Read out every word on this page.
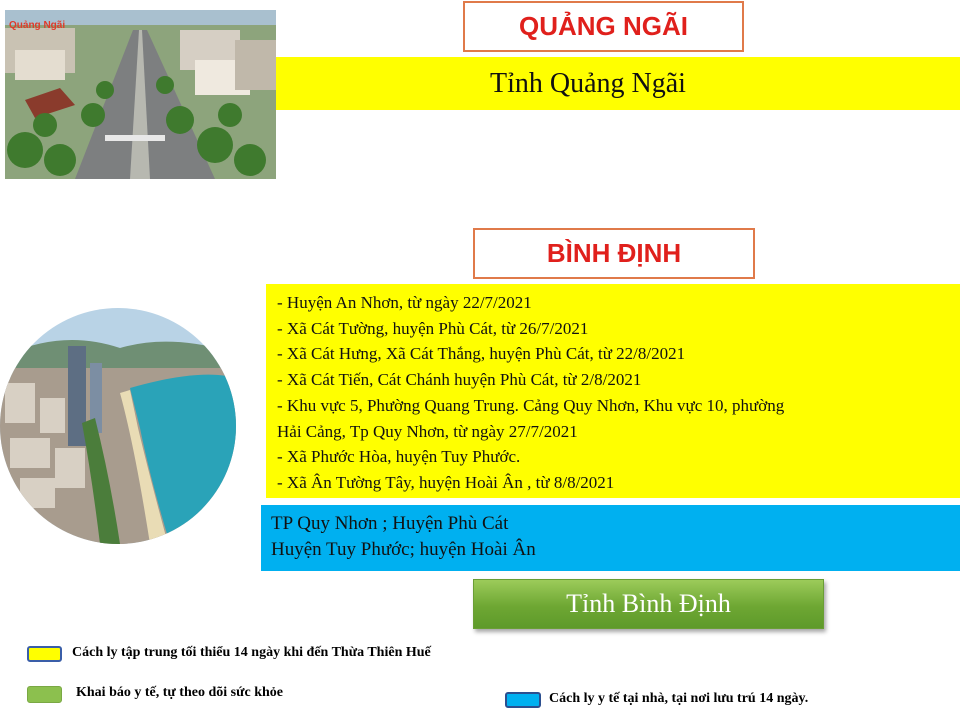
Quảng Ngãi	QUẢNG NGÃI
Tỉnh Quảng Ngãi
BÌNH ĐỊNH
- Huyện An Nhơn, từ ngày 22/7/2021
- Xã Cát Tường, huyện Phù Cát, từ 26/7/2021
- Xã Cát Hưng, Xã Cát Thắng, huyện Phù Cát, từ 22/8/2021
- Xã Cát Tiến, Cát Chánh huyện Phù Cát, từ 2/8/2021
- Khu vực 5, Phường Quang Trung. Cảng Quy Nhơn, Khu vực 10, phường
Hải Cảng, Tp Quy Nhơn, từ ngày 27/7/2021
- Xã Phước Hòa, huyện Tuy Phước.
- Xã Ân Tường Tây, huyện Hoài Ân , từ 8/8/2021
TP Quy Nhơn ; Huyện Phù Cát
Huyện Tuy Phước; huyện Hoài Ân
Tỉnh Bình Định
Cách ly tập trung tối thiểu 14 ngày khi đến Thừa Thiên Huế
Khai báo y tế, tự theo dõi sức khỏe	Cách ly y tế tại nhà, tại nơi lưu trú 14 ngày.
